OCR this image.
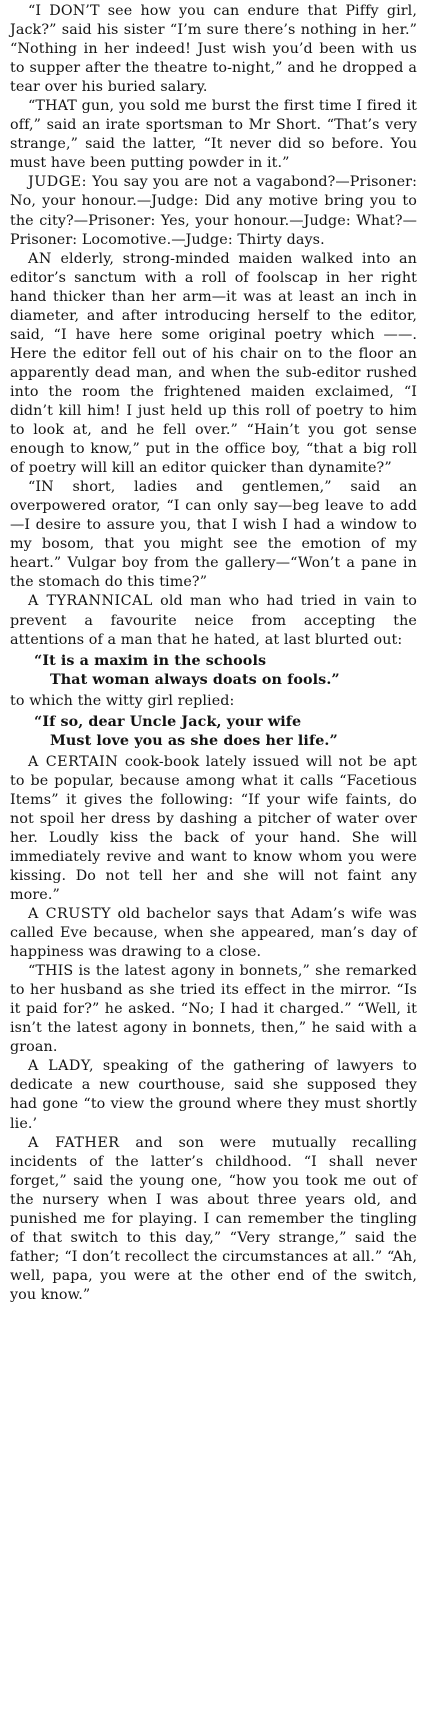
“I DON’T see how you can endure that Piffy girl, Jack?” said his sister “I’m sure there’s nothing in her.” “Nothing in her indeed! Just wish you’d been with us to supper after the theatre to-night,” and he dropped a tear over his buried salary.

“THAT gun, you sold me burst the first time I fired it off,” said an irate sportsman to Mr Short. “That’s very strange,” said the latter, “It never did so before. You must have been putting powder in it.”

JUDGE: You say you are not a vagabond?—Prisoner: No, your honour.—Judge: Did any motive bring you to the city?—Prisoner: Yes, your honour.—Judge: What?—Prisoner: Locomotive.—Judge: Thirty days.

AN elderly, strong-minded maiden walked into an editor’s sanctum with a roll of foolscap in her right hand thicker than her arm—it was at least an inch in diameter, and after introducing herself to the editor, said, “I have here some original poetry which ——. Here the editor fell out of his chair on to the floor an apparently dead man, and when the sub-editor rushed into the room the frightened maiden exclaimed, “I didn’t kill him! I just held up this roll of poetry to him to look at, and he fell over.” “Hain’t you got sense enough to know,” put in the office boy, “that a big roll of poetry will kill an editor quicker than dynamite?”

“IN short, ladies and gentlemen,” said an overpowered orator, “I can only say—beg leave to add—I desire to assure you, that I wish I had a window to my bosom, that you might see the emotion of my heart.” Vulgar boy from the gallery—“Won’t a pane in the stomach do this time?”

A TYRANNICAL old man who had tried in vain to prevent a favourite neice from accepting the attentions of a man that he hated, at last blurted out:

“It is a maxim in the schools
That woman always doats on fools.”

to which the witty girl replied:

“If so, dear Uncle Jack, your wife
Must love you as she does her life.”

A CERTAIN cook-book lately issued will not be apt to be popular, because among what it calls “Facetious Items” it gives the following: “If your wife faints, do not spoil her dress by dashing a pitcher of water over her. Loudly kiss the back of your hand. She will immediately revive and want to know whom you were kissing. Do not tell her and she will not faint any more.”

A CRUSTY old bachelor says that Adam’s wife was called Eve because, when she appeared, man’s day of happiness was drawing to a close.

“THIS is the latest agony in bonnets,” she remarked to her husband as she tried its effect in the mirror. “Is it paid for?” he asked. “No; I had it charged.” “Well, it isn’t the latest agony in bonnets, then,” he said with a groan.

A LADY, speaking of the gathering of lawyers to dedicate a new courthouse, said she supposed they had gone “to view the ground where they must shortly lie.’

A FATHER and son were mutually recalling incidents of the latter’s childhood. “I shall never forget,” said the young one, “how you took me out of the nursery when I was about three years old, and punished me for playing. I can remember the tingling of that switch to this day,” “Very strange,” said the father; “I don’t recollect the circumstances at all.” “Ah, well, papa, you were at the other end of the switch, you know.”
